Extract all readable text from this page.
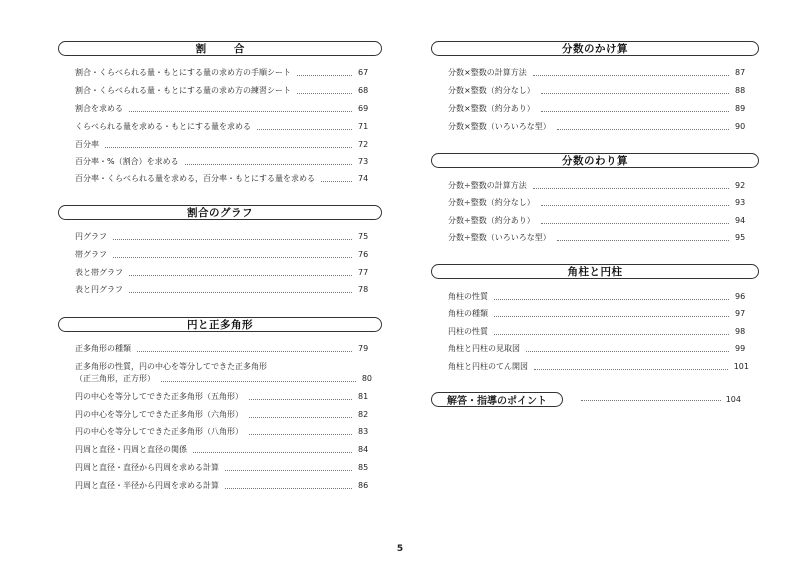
割 合
割合・くらべられる量・もとにする量の求め方の手順シート	67
割合・くらべられる量・もとにする量の求め方の練習シート	68
割合を求める	69
くらべられる量を求める・もとにする量を求める	71
百分率	72
百分率・%（割合）を求める	73
百分率・くらべられる量を求める，百分率・もとにする量を求める	74
割合のグラフ
円グラフ	75
帯グラフ	76
表と帯グラフ	77
表と円グラフ	78
円と正多角形
正多角形の種類	79
正多角形の性質，円の中心を等分してできた正多角形
（正三角形，正方形）	80
円の中心を等分してできた正多角形（五角形）	81
円の中心を等分してできた正多角形（六角形）	82
円の中心を等分してできた正多角形（八角形）	83
円周と直径・円周と直径の関係	84
円周と直径・直径から円周を求める計算	85
円周と直径・半径から円周を求める計算	86
分数のかけ算
分数×整数の計算方法	87
分数×整数（約分なし）	88
分数×整数（約分あり）	89
分数×整数（いろいろな型）	90
分数のわり算
分数÷整数の計算方法	92
分数÷整数（約分なし）	93
分数÷整数（約分あり）	94
分数÷整数（いろいろな型）	95
角柱と円柱
角柱の性質	96
角柱の種類	97
円柱の性質	98
角柱と円柱の見取図	99
角柱と円柱のてん開図	101
解答・指導のポイント	104
5
